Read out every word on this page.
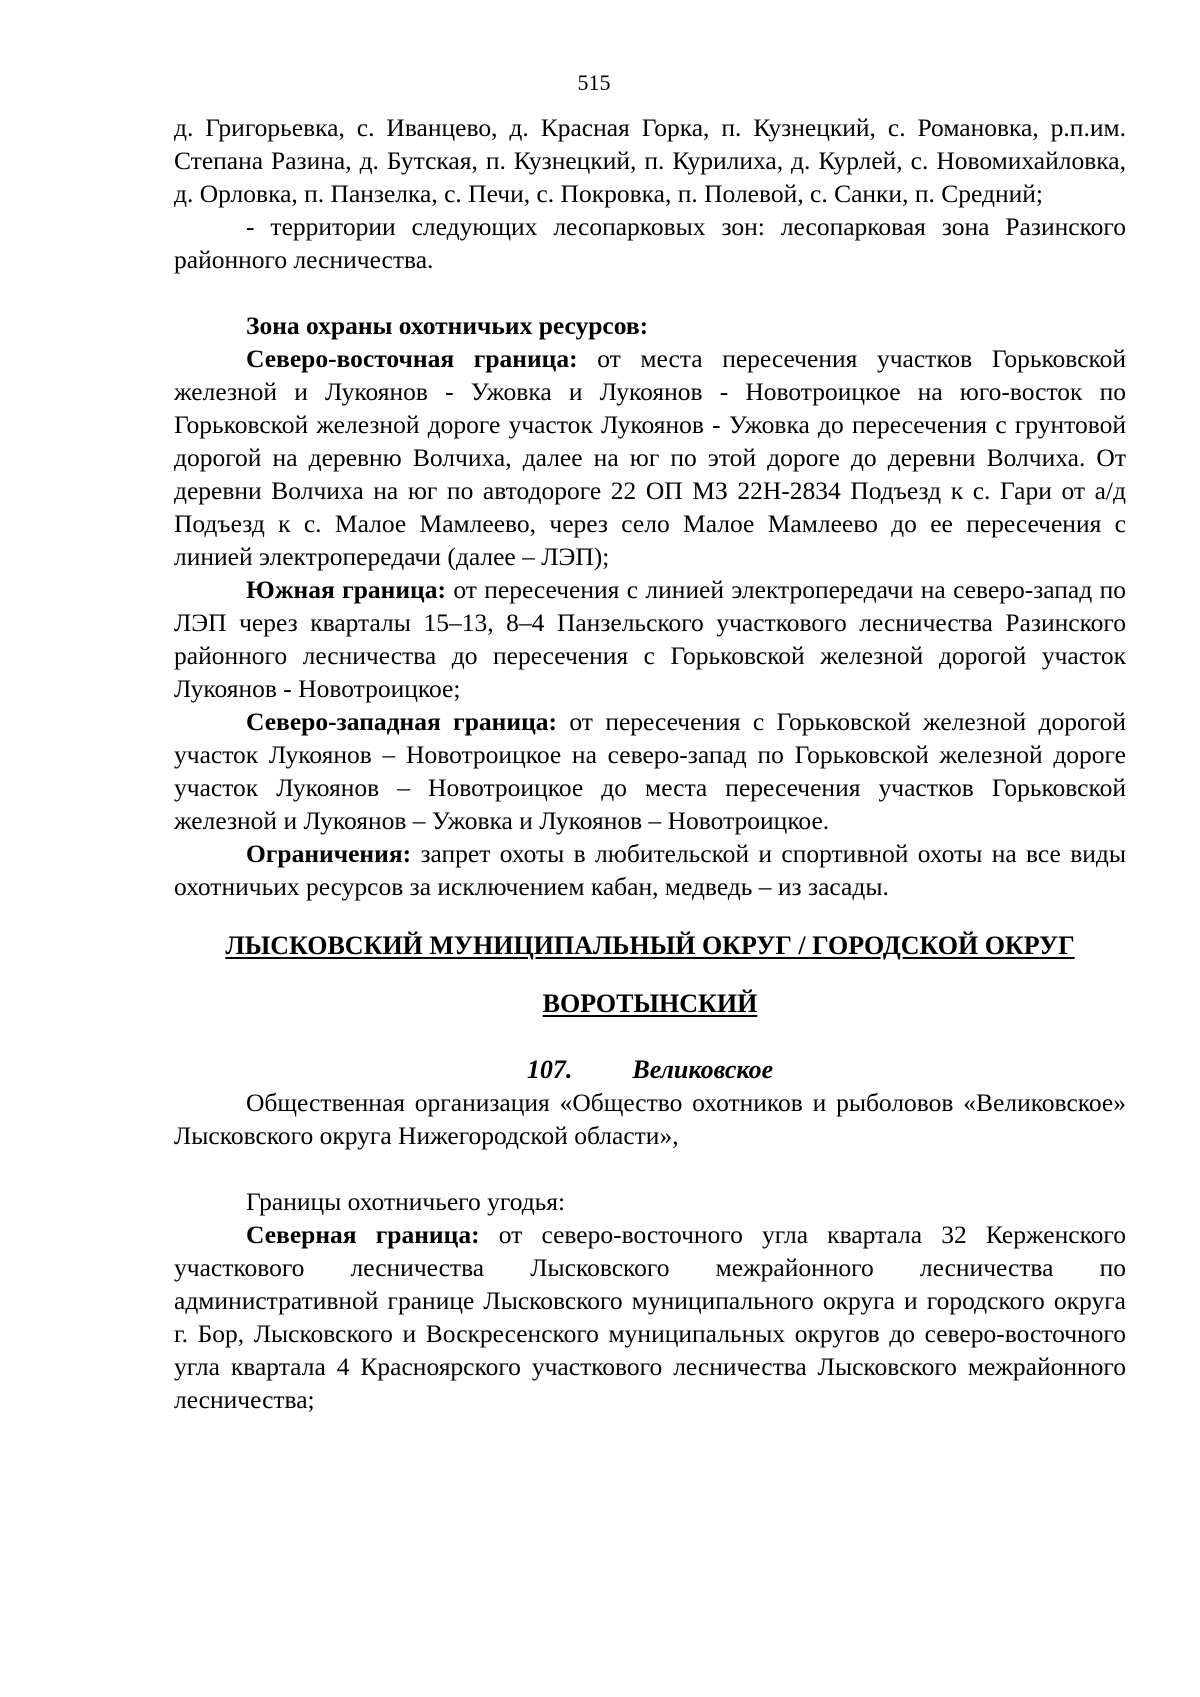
515

д. Григорьевка, с. Иванцево, д. Красная Горка, п. Кузнецкий, с. Романовка, р.п.им. Степана Разина, д. Бутская, п. Кузнецкий, п. Курилиха, д. Курлей, с. Новомихайловка, д. Орловка, п. Панзелка, с. Печи, с. Покровка, п. Полевой, с. Санки, п. Средний;

- территории следующих лесопарковых зон: лесопарковая зона Разинского районного лесничества.

Зона охраны охотничьих ресурсов:

Северо-восточная граница: от места пересечения участков Горьковской железной и Лукоянов - Ужовка и Лукоянов - Новотроицкое на юго-восток по Горьковской железной дороге участок Лукоянов - Ужовка до пересечения с грунтовой дорогой на деревню Волчиха, далее на юг по этой дороге до деревни Волчиха. От деревни Волчиха на юг по автодороге 22 ОП МЗ 22Н-2834 Подъезд к с. Гари от а/д Подъезд к с. Малое Мамлеево, через село Малое Мамлеево до ее пересечения с линией электропередачи (далее – ЛЭП);

Южная граница: от пересечения с линией электропередачи на северо-запад по ЛЭП через кварталы 15–13, 8–4 Панзельского участкового лесничества Разинского районного лесничества до пересечения с Горьковской железной дорогой участок Лукоянов - Новотроицкое;

Северо-западная граница: от пересечения с Горьковской железной дорогой участок Лукоянов – Новотроицкое на северо-запад по Горьковской железной дороге участок Лукоянов – Новотроицкое до места пересечения участков Горьковской железной и Лукоянов – Ужовка и Лукоянов – Новотроицкое.

Ограничения: запрет охоты в любительской и спортивной охоты на все виды охотничьих ресурсов за исключением кабан, медведь – из засады.

ЛЫСКОВСКИЙ МУНИЦИПАЛЬНЫЙ ОКРУГ / ГОРОДСКОЙ ОКРУГ
ВОРОТЫНСКИЙ

107. Великовское

Общественная организация «Общество охотников и рыболовов «Великовское» Лысковского округа Нижегородской области»,

Границы охотничьего угодья:

Северная граница: от северо-восточного угла квартала 32 Керженского участкового лесничества Лысковского межрайонного лесничества по административной границе Лысковского муниципального округа и городского округа г. Бор, Лысковского и Воскресенского муниципальных округов до северо-восточного угла квартала 4 Красноярского участкового лесничества Лысковского межрайонного лесничества;
